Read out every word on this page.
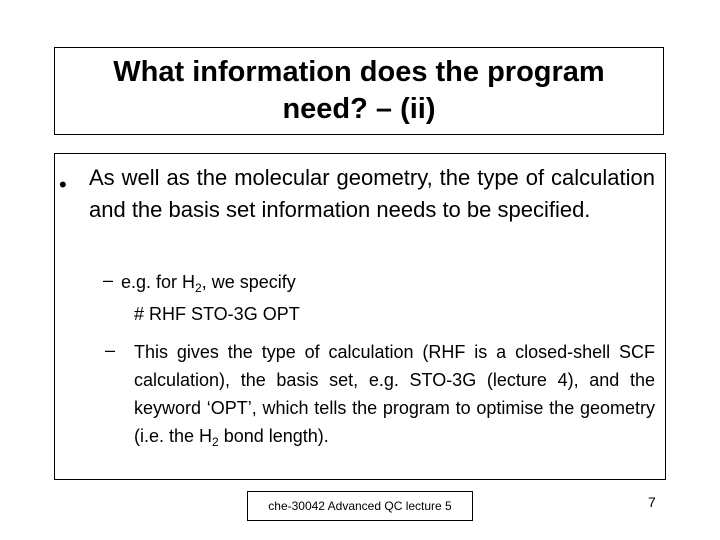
What information does the program
need? – (ii)
• As well as the molecular geometry, the type of calculation and the basis set information needs to be specified.
– e.g. for $H_2$, we specify
# RHF STO-3G OPT
– This gives the type of calculation (RHF is a closed-shell SCF calculation), the basis set, e.g. STO-3G (lecture 4), and the keyword ‘OPT’, which tells the program to optimise the geometry (i.e. the $H_2$ bond length).
che-30042 Advanced QC lecture 5	7
